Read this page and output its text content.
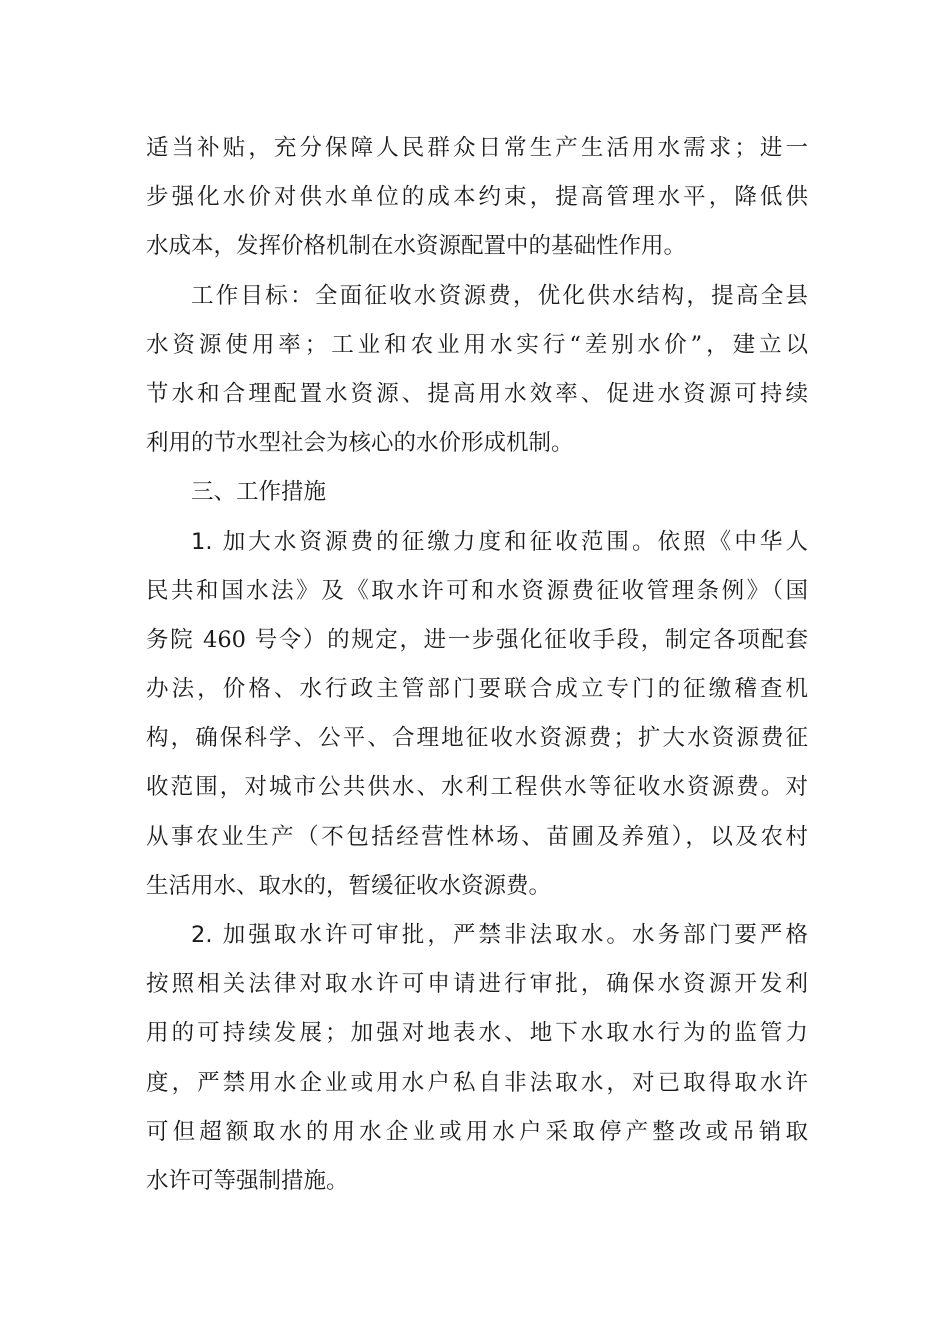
适当补贴，充分保障人民群众日常生产生活用水需求；进一
步强化水价对供水单位的成本约束，提高管理水平，降低供
水成本，发挥价格机制在水资源配置中的基础性作用。
工作目标：全面征收水资源费，优化供水结构，提高全县
水资源使用率；工业和农业用水实行“差别水价”，建立以
节水和合理配置水资源、提高用水效率、促进水资源可持续
利用的节水型社会为核心的水价形成机制。
三、工作措施
1. 加大水资源费的征缴力度和征收范围。依照《中华人
民共和国水法》及《取水许可和水资源费征收管理条例》（国
务院 460 号令）的规定，进一步强化征收手段，制定各项配套
办法，价格、水行政主管部门要联合成立专门的征缴稽查机
构，确保科学、公平、合理地征收水资源费；扩大水资源费征
收范围，对城市公共供水、水利工程供水等征收水资源费。对
从事农业生产（不包括经营性林场、苗圃及养殖），以及农村
生活用水、取水的，暂缓征收水资源费。
2. 加强取水许可审批，严禁非法取水。水务部门要严格
按照相关法律对取水许可申请进行审批，确保水资源开发利
用的可持续发展；加强对地表水、地下水取水行为的监管力
度，严禁用水企业或用水户私自非法取水，对已取得取水许
可但超额取水的用水企业或用水户采取停产整改或吊销取
水许可等强制措施。
